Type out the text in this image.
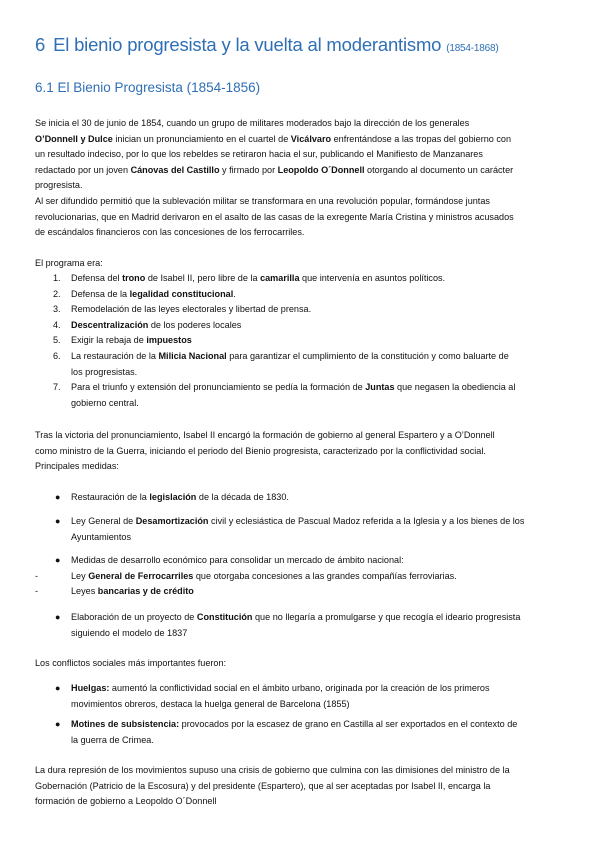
6 El bienio progresista y la vuelta al moderantismo (1854-1868)
6.1 El Bienio Progresista (1854-1856)
Se inicia el 30 de junio de 1854, cuando un grupo de militares moderados bajo la dirección de los generales
O’Donnell y Dulce inician un pronunciamiento en el cuartel de Vicálvaro enfrentándose a las tropas del gobierno con
un resultado indeciso, por lo que los rebeldes se retiraron hacia el sur, publicando el Manifiesto de Manzanares
redactado por un joven Cánovas del Castillo y firmado por Leopoldo O´Donnell otorgando al documento un carácter
progresista.
Al ser difundido permitió que la sublevación militar se transformara en una revolución popular, formándose juntas
revolucionarias, que en Madrid derivaron en el asalto de las casas de la exregente María Cristina y ministros acusados
de escándalos financieros con las concesiones de los ferrocarriles.
El programa era:
1. Defensa del trono de Isabel II, pero libre de la camarilla que intervenía en asuntos políticos.
2. Defensa de la legalidad constitucional.
3. Remodelación de las leyes electorales y libertad de prensa.
4. Descentralización de los poderes locales
5. Exigir la rebaja de impuestos
6. La restauración de la Milicia Nacional para garantizar el cumplimiento de la constitución y como baluarte de
los progresistas.
7. Para el triunfo y extensión del pronunciamiento se pedía la formación de Juntas que negasen la obediencia al
gobierno central.
Tras la victoria del pronunciamiento, Isabel II encargó la formación de gobierno al general Espartero y a O’Donnell
como ministro de la Guerra, iniciando el periodo del Bienio progresista, caracterizado por la conflictividad social.
Principales medidas:
● Restauración de la legislación de la década de 1830.
● Ley General de Desamortización civil y eclesiástica de Pascual Madoz referida a la Iglesia y a los bienes de los
Ayuntamientos
● Medidas de desarrollo económico para consolidar un mercado de ámbito nacional:
-	Ley General de Ferrocarriles que otorgaba concesiones a las grandes compañías ferroviarias.
-	Leyes bancarias y de crédito
● Elaboración de un proyecto de Constitución que no llegaría a promulgarse y que recogía el ideario progresista
siguiendo el modelo de 1837
Los conflictos sociales más importantes fueron:
● Huelgas: aumentó la conflictividad social en el ámbito urbano, originada por la creación de los primeros
movimientos obreros, destaca la huelga general de Barcelona (1855)
● Motines de subsistencia: provocados por la escasez de grano en Castilla al ser exportados en el contexto de
la guerra de Crimea.
La dura represión de los movimientos supuso una crisis de gobierno que culmina con las dimisiones del ministro de la
Gobernación (Patricio de la Escosura) y del presidente (Espartero), que al ser aceptadas por Isabel II, encarga la
formación de gobierno a Leopoldo O´Donnell
